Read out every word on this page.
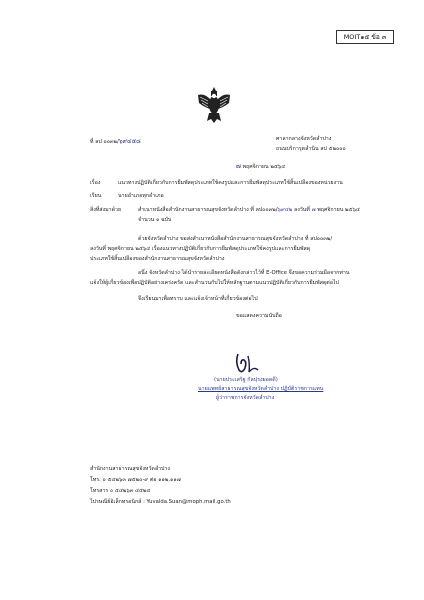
MOIT๑๕ ข้อ ๓
ที่ ลป ๐๐๓๒/๖๙๔๕๘	ศาลากลางจังหวัดลำปาง
ถนนบริการุดลำนิน ลป ๕๒๐๐๐
๗ พฤศจิกายน ๒๕๖๔
เรื่อง	แนวทางปฏิบัติเกี่ยวกับการยืมพัสดุประเภทใช้คงรูปและการยืมพัสดุประเภทใช้สิ้นเปลืองของหน่วยงาน
เรียน	นายอำเภอทุกอำเภอ
สิ่งที่ส่งมาด้วย	สำเนาหนังสือสำนักงานสาธารณสุขจังหวัดลำปาง ที่ ลป๐๐๓๒/๖๙๔๒ ลงวันที่ ๗ พฤศจิกายน ๒๕๖๔
จำนวน ๑ ฉบับ
ด้วยจังหวัดลำปาง ขอส่งสำเนาหนังสือสำนักงานสาธารณสุขจังหวัดลำปาง ที่ ลป๐๐๓๒/
ลงวันที่ พฤศจิกายน ๒๕๖๔ เรื่องแนวทางปฏิบัติเกี่ยวกับการยืมพัสดุประเภทใช้คงรูปและการยืมพัสดุ
ประเภทใช้สิ้นเปลืองของสำนักงานสาธารณสุขจังหวัดลำปาง
อนึ่ง จังหวัดลำปาง ได้นำรายละเอียดหนังสือดังกล่าวไว้ที่ E-Office จึงขอความร่วมมือจากท่าน
แจ้งให้ผู้เกี่ยวข้องเพื่อปฏิบัติอย่างเคร่งครัด และสำนวนกับไปให้หลักฐานตามแนวปฏิบัติเกี่ยวกับการยืมพัสดุต่อไป
จึงเรียนมาเพื่อทราบ และแจ้งเจ้าหน้าที่เกี่ยวข้องต่อไป
ขอแสดงความนับถือ
(นายประเสริฐ กัลปุรงยอดดี)
นายแพทย์สาธารณสุขจังหวัดลำปาง ปฏิบัติราชการแทน
ผู้ว่าราชการจังหวัดลำปาง
สำนักงานสาธารณสุขจังหวัดลำปาง
โทร. ๐ ๕๔๒๖๓ ๗๕๒๐-๙ ต่อ ๑๑๒,๑๑๗
โทรสาร ๐ ๕๔๒๖๓ ๔๕๒๔
ไปรษณีย์อิเล็กทรอนิกส์ : Yuvalda.Suan@moph.mail.go.th
